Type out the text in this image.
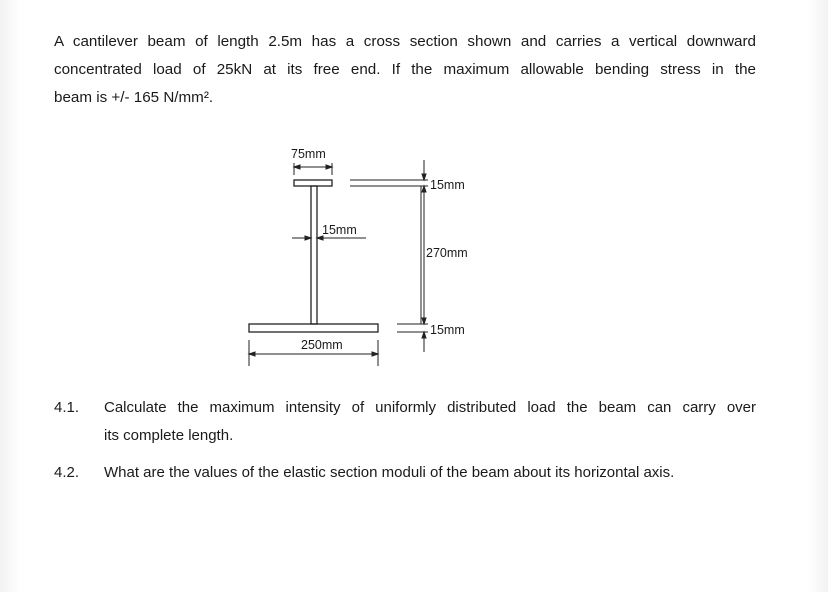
A cantilever beam of length 2.5m has a cross section shown and carries a vertical downward
concentrated load of 25kN at its free end. If the maximum allowable bending stress in the
beam is +/- 165 N/mm².
75mm
15mm
15mm
270mm
15mm
250mm
4.1. Calculate the maximum intensity of uniformly distributed load the beam can carry over
its complete length.
4.2. What are the values of the elastic section moduli of the beam about its horizontal axis.
